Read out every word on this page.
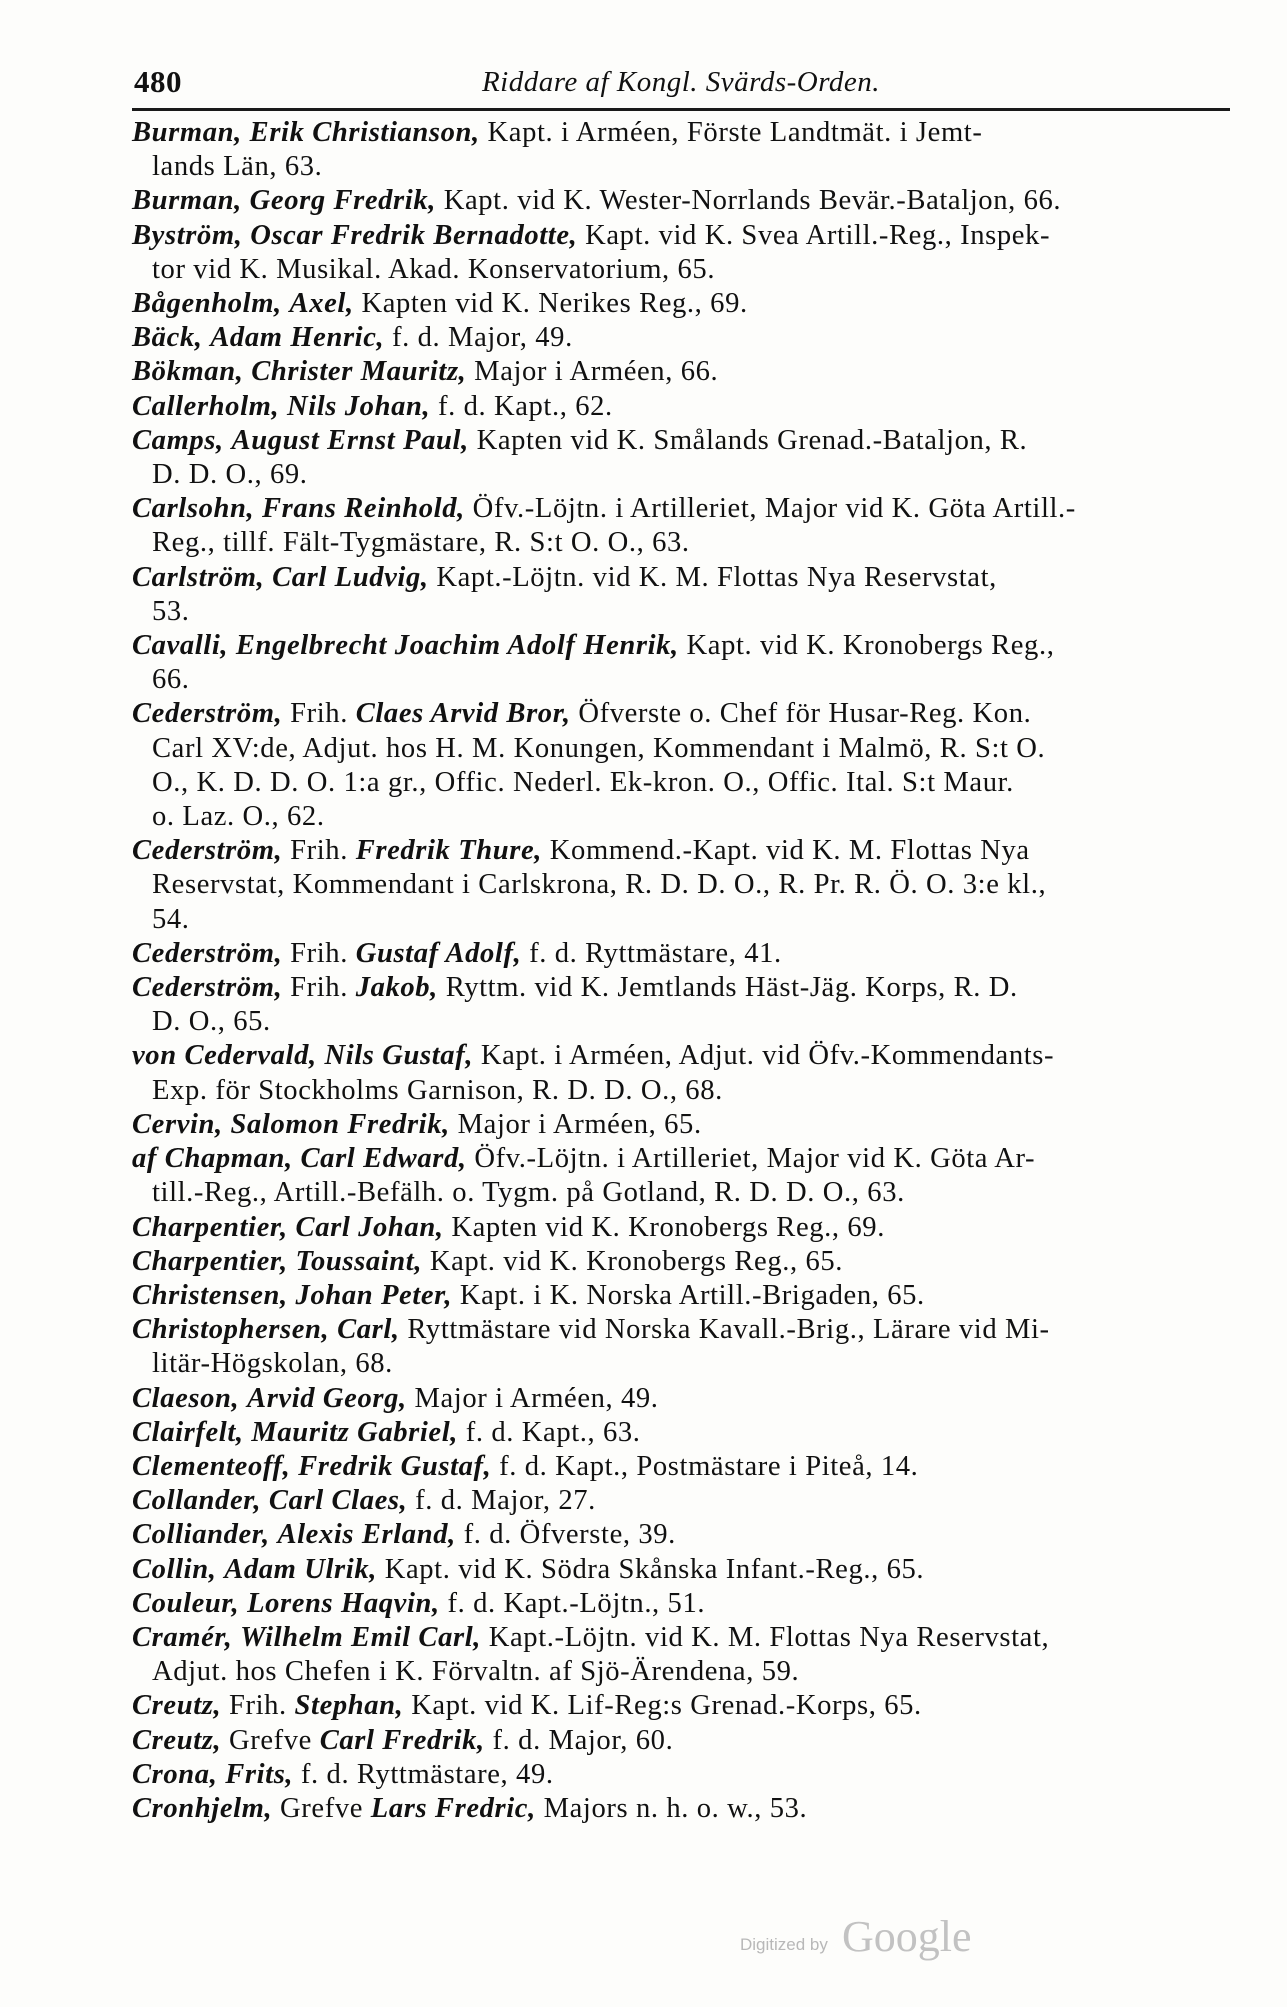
480	Riddare af Kongl. Svärds-Orden.
Burman, Erik Christianson, Kapt. i Arméen, Förste Landtmät. i Jemt-
lands Län, 63.
Burman, Georg Fredrik, Kapt. vid K. Wester-Norrlands Bevär.-Bataljon, 66.
Byström, Oscar Fredrik Bernadotte, Kapt. vid K. Svea Artill.-Reg., Inspek-
tor vid K. Musikal. Akad. Konservatorium, 65.
Bågenholm, Axel, Kapten vid K. Nerikes Reg., 69.
Bäck, Adam Henric, f. d. Major, 49.
Bökman, Christer Mauritz, Major i Arméen, 66.
Callerholm, Nils Johan, f. d. Kapt., 62.
Camps, August Ernst Paul, Kapten vid K. Smålands Grenad.-Bataljon, R.
D. D. O., 69.
Carlsohn, Frans Reinhold, Öfv.-Löjtn. i Artilleriet, Major vid K. Göta Artill.-
Reg., tillf. Fält-Tygmästare, R. S:t O. O., 63.
Carlström, Carl Ludvig, Kapt.-Löjtn. vid K. M. Flottas Nya Reservstat,
53.
Cavalli, Engelbrecht Joachim Adolf Henrik, Kapt. vid K. Kronobergs Reg.,
66.
Cederström, Frih. Claes Arvid Bror, Öfverste o. Chef för Husar-Reg. Kon.
Carl XV:de, Adjut. hos H. M. Konungen, Kommendant i Malmö, R. S:t O.
O., K. D. D. O. 1:a gr., Offic. Nederl. Ek-kron. O., Offic. Ital. S:t Maur.
o. Laz. O., 62.
Cederström, Frih. Fredrik Thure, Kommend.-Kapt. vid K. M. Flottas Nya
Reservstat, Kommendant i Carlskrona, R. D. D. O., R. Pr. R. Ö. O. 3:e kl.,
54.
Cederström, Frih. Gustaf Adolf, f. d. Ryttmästare, 41.
Cederström, Frih. Jakob, Ryttm. vid K. Jemtlands Häst-Jäg. Korps, R. D.
D. O., 65.
von Cedervald, Nils Gustaf, Kapt. i Arméen, Adjut. vid Öfv.-Kommendants-
Exp. för Stockholms Garnison, R. D. D. O., 68.
Cervin, Salomon Fredrik, Major i Arméen, 65.
af Chapman, Carl Edward, Öfv.-Löjtn. i Artilleriet, Major vid K. Göta Ar-
till.-Reg., Artill.-Befälh. o. Tygm. på Gotland, R. D. D. O., 63.
Charpentier, Carl Johan, Kapten vid K. Kronobergs Reg., 69.
Charpentier, Toussaint, Kapt. vid K. Kronobergs Reg., 65.
Christensen, Johan Peter, Kapt. i K. Norska Artill.-Brigaden, 65.
Christophersen, Carl, Ryttmästare vid Norska Kavall.-Brig., Lärare vid Mi-
litär-Högskolan, 68.
Claeson, Arvid Georg, Major i Arméen, 49.
Clairfelt, Mauritz Gabriel, f. d. Kapt., 63.
Clementeoff, Fredrik Gustaf, f. d. Kapt., Postmästare i Piteå, 14.
Collander, Carl Claes, f. d. Major, 27.
Colliander, Alexis Erland, f. d. Öfverste, 39.
Collin, Adam Ulrik, Kapt. vid K. Södra Skånska Infant.-Reg., 65.
Couleur, Lorens Haqvin, f. d. Kapt.-Löjtn., 51.
Cramér, Wilhelm Emil Carl, Kapt.-Löjtn. vid K. M. Flottas Nya Reservstat,
Adjut. hos Chefen i K. Förvaltn. af Sjö-Ärendena, 59.
Creutz, Frih. Stephan, Kapt. vid K. Lif-Reg:s Grenad.-Korps, 65.
Creutz, Grefve Carl Fredrik, f. d. Major, 60.
Crona, Frits, f. d. Ryttmästare, 49.
Cronhjelm, Grefve Lars Fredric, Majors n. h. o. w., 53.
Digitized by Google
